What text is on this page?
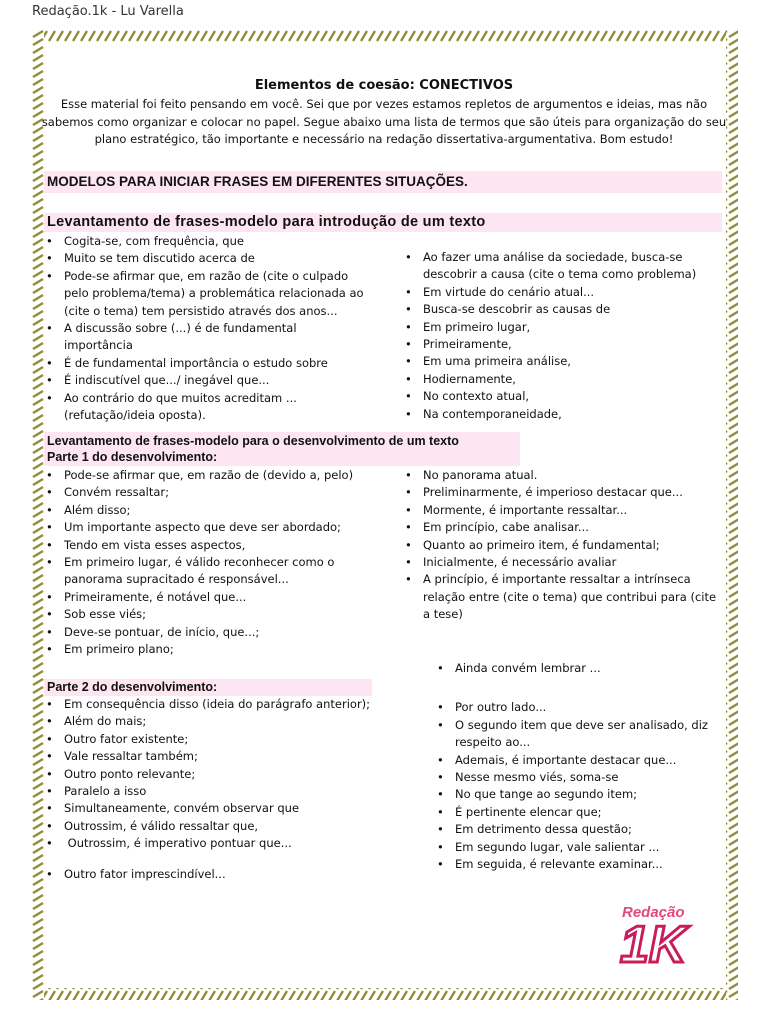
Redação.1k - Lu Varella
Elementos de coesão: CONECTIVOS
Esse material foi feito pensando em você. Sei que por vezes estamos repletos de argumentos e ideias, mas não sabemos como organizar e colocar no papel. Segue abaixo uma lista de termos que são úteis para organização do seu plano estratégico, tão importante e necessário na redação dissertativa-argumentativa. Bom estudo!
MODELOS PARA INICIAR FRASES EM DIFERENTES SITUAÇÕES.
Levantamento de frases-modelo para introdução de um texto
• Cogita-se, com frequência, que
• Muito se tem discutido acerca de
• Pode-se afirmar que, em razão de (cite o culpado pelo problema/tema) a problemática relacionada ao (cite o tema) tem persistido através dos anos...
• A discussão sobre (...) é de fundamental importância
• É de fundamental importância o estudo sobre
• É indiscutível que.../ inegável que...
• Ao contrário do que muitos acreditam ... (refutação/ideia oposta).
• Ao fazer uma análise da sociedade, busca-se descobrir a causa (cite o tema como problema)
• Em virtude do cenário atual...
• Busca-se descobrir as causas de
• Em primeiro lugar,
• Primeiramente,
• Em uma primeira análise,
• Hodiernamente,
• No contexto atual,
• Na contemporaneidade,
Levantamento de frases-modelo para o desenvolvimento de um texto
Parte 1 do desenvolvimento:
• Pode-se afirmar que, em razão de (devido a, pelo)
• Convém ressaltar;
• Além disso;
• Um importante aspecto que deve ser abordado;
• Tendo em vista esses aspectos,
• Em primeiro lugar, é válido reconhecer como o panorama supracitado é responsável...
• Primeiramente, é notável que...
• Sob esse viés;
• Deve-se pontuar, de início, que...;
• Em primeiro plano;
• No panorama atual.
• Preliminarmente, é imperioso destacar que...
• Mormente, é importante ressaltar...
• Em princípio, cabe analisar...
• Quanto ao primeiro item, é fundamental;
• Inicialmente, é necessário avaliar
• A princípio, é importante ressaltar a intrínseca relação entre (cite o tema) que contribui para (cite a tese)
Parte 2 do desenvolvimento:
• Em consequência disso (ideia do parágrafo anterior);
• Além do mais;
• Outro fator existente;
• Vale ressaltar também;
• Outro ponto relevante;
• Paralelo a isso
• Simultaneamente, convém observar que
• Outrossim, é válido ressaltar que,
•  Outrossim, é imperativo pontuar que...
• Outro fator imprescindível...
• Ainda convém lembrar ...
• Por outro lado...
• O segundo item que deve ser analisado, diz respeito ao...
• Ademais, é importante destacar que...
• Nesse mesmo viés, soma-se
• No que tange ao segundo item;
• É pertinente elencar que;
• Em detrimento dessa questão;
• Em segundo lugar, vale salientar ...
• Em seguida, é relevante examinar...
Redação
1K
